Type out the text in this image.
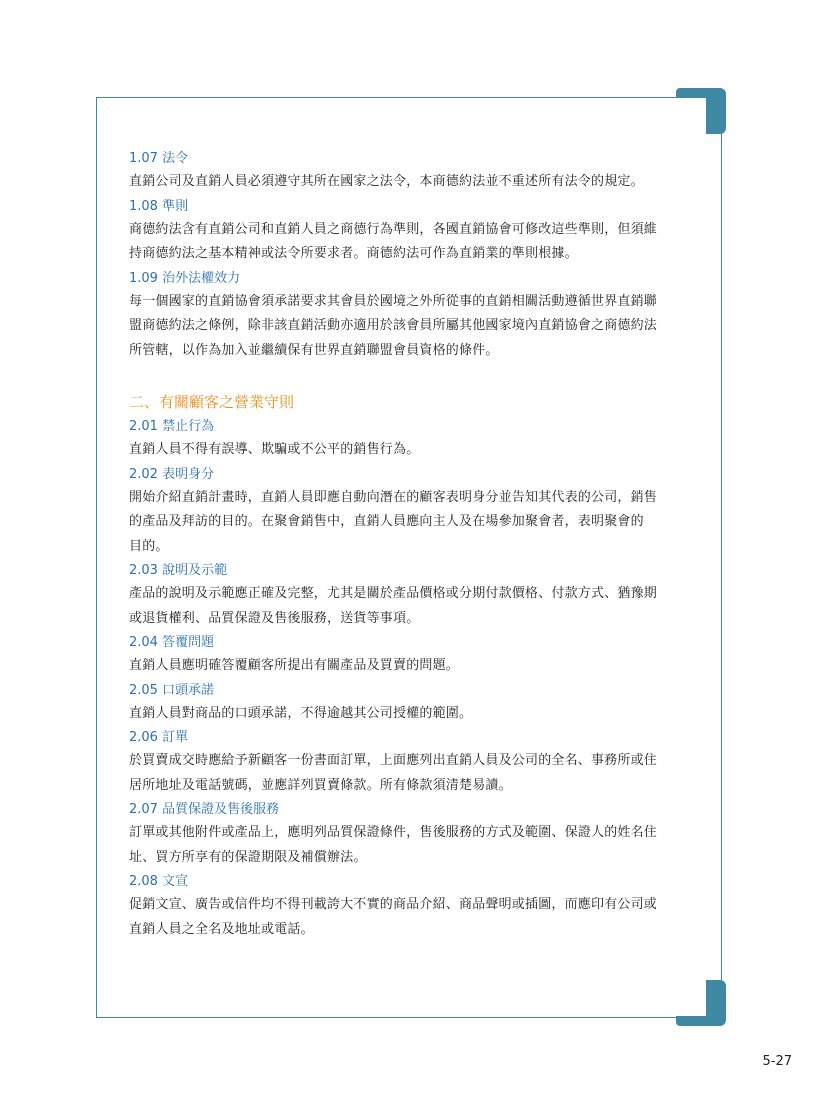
1.07 法令

直銷公司及直銷人員必須遵守其所在國家之法令，本商德約法並不重述所有法令的規定。

1.08 準則

商德約法含有直銷公司和直銷人員之商德行為準則，各國直銷協會可修改這些準則，但須維

持商德約法之基本精神或法令所要求者。商德約法可作為直銷業的準則根據。

1.09 治外法權效力

每一個國家的直銷協會須承諾要求其會員於國境之外所從事的直銷相關活動遵循世界直銷聯

盟商德約法之條例，除非該直銷活動亦適用於該會員所屬其他國家境內直銷協會之商德約法

所管轄，以作為加入並繼續保有世界直銷聯盟會員資格的條件。

二、有關顧客之營業守則

2.01 禁止行為

直銷人員不得有誤導、欺騙或不公平的銷售行為。

2.02 表明身分

開始介紹直銷計畫時，直銷人員即應自動向潛在的顧客表明身分並告知其代表的公司，銷售

的產品及拜訪的目的。在聚會銷售中，直銷人員應向主人及在場參加聚會者，表明聚會的

目的。

2.03 說明及示範

產品的說明及示範應正確及完整，尤其是關於產品價格或分期付款價格、付款方式、猶豫期

或退貨權利、品質保證及售後服務，送貨等事項。

2.04 答覆問題

直銷人員應明確答覆顧客所提出有關產品及買賣的問題。

2.05 口頭承諾

直銷人員對商品的口頭承諾，不得逾越其公司授權的範圍。

2.06 訂單

於買賣成交時應給予新顧客一份書面訂單，上面應列出直銷人員及公司的全名、事務所或住

居所地址及電話號碼，並應詳列買賣條款。所有條款須清楚易讀。

2.07 品質保證及售後服務

訂單或其他附件或產品上，應明列品質保證條件，售後服務的方式及範圍、保證人的姓名住

址、買方所享有的保證期限及補償辦法。

2.08 文宣

促銷文宣、廣告或信件均不得刊載誇大不實的商品介紹、商品聲明或插圖，而應印有公司或

直銷人員之全名及地址或電話。

5-27
